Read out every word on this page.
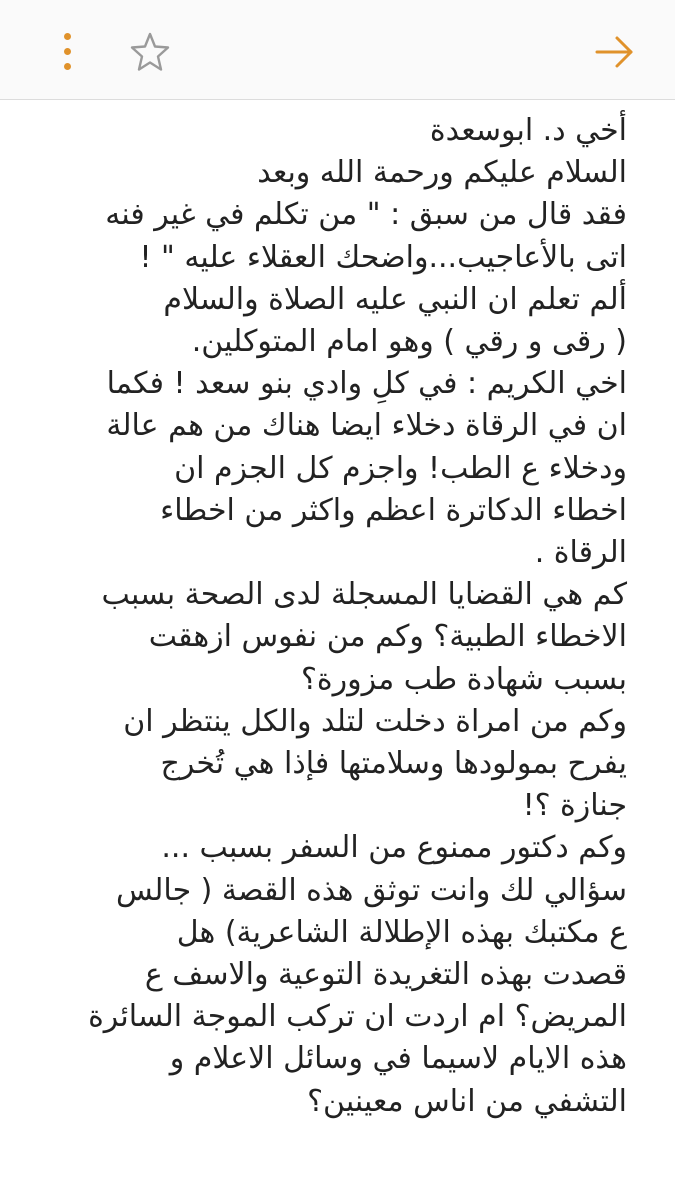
أخي د. ابوسعدة
السلام عليكم ورحمة الله وبعد
فقد قال من سبق : " من تكلم في غير فنه
اتى بالأعاجيب...واضحك العقلاء عليه " !
ألم تعلم ان النبي عليه الصلاة والسلام
( رقى و رقي ) وهو امام المتوكلين.
اخي الكريم : في كلِ وادي بنو سعد ! فكما
ان في الرقاة دخلاء ايضا هناك من هم عالة
ودخلاء ع الطب! واجزم كل الجزم ان
اخطاء الدكاترة اعظم واكثر من اخطاء
الرقاة .
كم هي القضايا المسجلة لدى الصحة بسبب
الاخطاء الطبية؟ وكم من نفوس ازهقت
بسبب شهادة طب مزورة؟
وكم من امراة دخلت لتلد والكل ينتظر ان
يفرح بمولودها وسلامتها فإذا هي تُخرج
جنازة ؟!
وكم دكتور ممنوع من السفر بسبب ...
سؤالي لك وانت توثق هذه القصة ( جالس
ع مكتبك بهذه الإطلالة الشاعرية) هل
قصدت بهذه التغريدة التوعية والاسف ع
المريض؟ ام اردت ان تركب الموجة السائرة
هذه الايام لاسيما في وسائل الاعلام و
التشفي من اناس معينين؟
